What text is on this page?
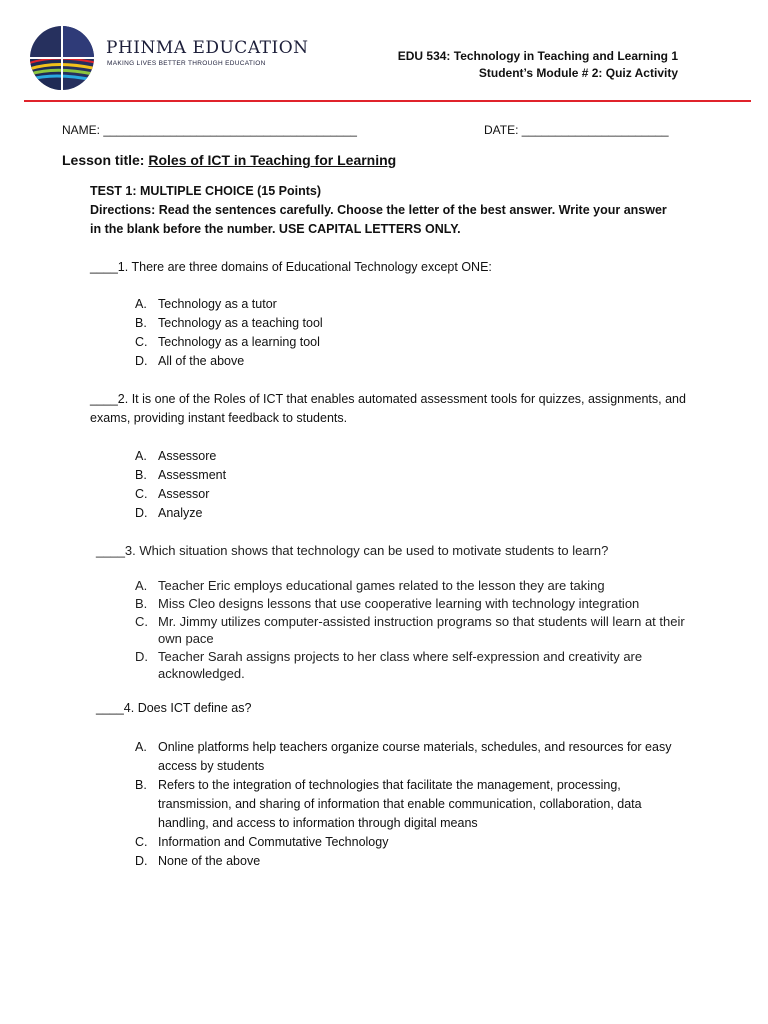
PHINMA EDUCATION
MAKING LIVES BETTER THROUGH EDUCATION
EDU 534: Technology in Teaching and Learning 1
Student’s Module # 2: Quiz Activity
NAME: ______________________________________	DATE: ______________________
Lesson title: Roles of ICT in Teaching for Learning
TEST 1: MULTIPLE CHOICE (15 Points)
Directions: Read the sentences carefully. Choose the letter of the best answer. Write your answer in the blank before the number. USE CAPITAL LETTERS ONLY.
____1. There are three domains of Educational Technology except ONE:
A. Technology as a tutor
B. Technology as a teaching tool
C. Technology as a learning tool
D. All of the above
____2. It is one of the Roles of ICT that enables automated assessment tools for quizzes, assignments, and exams, providing instant feedback to students.
A. Assessore
B. Assessment
C. Assessor
D. Analyze
____3. Which situation shows that technology can be used to motivate students to learn?
A. Teacher Eric employs educational games related to the lesson they are taking
B. Miss Cleo designs lessons that use cooperative learning with technology integration
C. Mr. Jimmy utilizes computer-assisted instruction programs so that students will learn at their own pace
D. Teacher Sarah assigns projects to her class where self-expression and creativity are acknowledged.
____4. Does ICT define as?
A. Online platforms help teachers organize course materials, schedules, and resources for easy access by students
B. Refers to the integration of technologies that facilitate the management, processing, transmission, and sharing of information that enable communication, collaboration, data handling, and access to information through digital means
C. Information and Commutative Technology
D. None of the above
